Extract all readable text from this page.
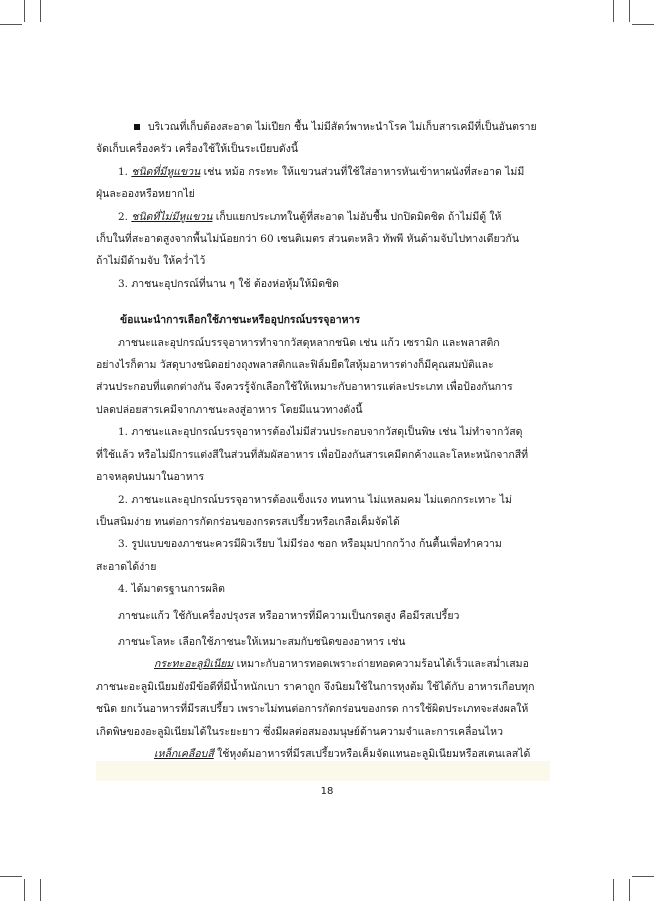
บริเวณที่เก็บต้องสะอาด ไม่เปียก ชื้น ไม่มีสัตว์พาหะนำโรค ไม่เก็บสารเคมีที่เป็นอันตราย
จัดเก็บเครื่องครัว เครื่องใช้ให้เป็นระเบียบดังนี้
1. ชนิดที่มีหูแขวน เช่น หม้อ กระทะ ให้แขวนส่วนที่ใช้ใส่อาหารหันเข้าหาผนังที่สะอาด ไม่มี
ฝุ่นละอองหรือหยากไย่
2. ชนิดที่ไม่มีหูแขวน เก็บแยกประเภทในตู้ที่สะอาด ไม่อับชื้น ปกปิดมิดชิด ถ้าไม่มีตู้ ให้
เก็บในที่สะอาดสูงจากพื้นไม่น้อยกว่า 60 เซนติเมตร ส่วนตะหลิว ทัพพี หันด้ามจับไปทางเดียวกัน
ถ้าไม่มีด้ามจับ ให้คว่ำไว้
3. ภาชนะอุปกรณ์ที่นาน ๆ ใช้ ต้องห่อหุ้มให้มิดชิด
ข้อแนะนำการเลือกใช้ภาชนะหรืออุปกรณ์บรรจุอาหาร
ภาชนะและอุปกรณ์บรรจุอาหารทำจากวัสดุหลากชนิด เช่น แก้ว เซรามิก และพลาสติก
อย่างไรก็ตาม วัสดุบางชนิดอย่างถุงพลาสติกและฟิล์มยืดใสหุ้มอาหารต่างก็มีคุณสมบัติและ
ส่วนประกอบที่แตกต่างกัน จึงควรรู้จักเลือกใช้ให้เหมาะกับอาหารแต่ละประเภท เพื่อป้องกันการ
ปลดปล่อยสารเคมีจากภาชนะลงสู่อาหาร โดยมีแนวทางดังนี้
1. ภาชนะและอุปกรณ์บรรจุอาหารต้องไม่มีส่วนประกอบจากวัสดุเป็นพิษ เช่น ไม่ทำจากวัสดุ
ที่ใช้แล้ว หรือไม่มีการแต่งสีในส่วนที่สัมผัสอาหาร เพื่อป้องกันสารเคมีตกค้างและโลหะหนักจากสีที่
อาจหลุดปนมาในอาหาร
2. ภาชนะและอุปกรณ์บรรจุอาหารต้องแข็งแรง ทนทาน ไม่แหลมคม ไม่แตกกระเทาะ ไม่
เป็นสนิมง่าย ทนต่อการกัดกร่อนของกรดรสเปรี้ยวหรือเกลือเค็มจัดได้
3. รูปแบบของภาชนะควรมีผิวเรียบ ไม่มีร่อง ซอก หรือมุมปากกว้าง ก้นตื้นเพื่อทำความ
สะอาดได้ง่าย
4. ได้มาตรฐานการผลิต
ภาชนะแก้ว ใช้กับเครื่องปรุงรส หรืออาหารที่มีความเป็นกรดสูง คือมีรสเปรี้ยว
ภาชนะโลหะ เลือกใช้ภาชนะให้เหมาะสมกับชนิดของอาหาร เช่น
กระทะอะลูมิเนียม เหมาะกับอาหารทอดเพราะถ่ายทอดความร้อนได้เร็วและสม่ำเสมอ
ภาชนะอะลูมิเนียมยังมีข้อดีที่มีน้ำหนักเบา ราคาถูก จึงนิยมใช้ในการหุงต้ม ใช้ได้กับ อาหารเกือบทุก
ชนิด ยกเว้นอาหารที่มีรสเปรี้ยว เพราะไม่ทนต่อการกัดกร่อนของกรด การใช้ผิดประเภทจะส่งผลให้
เกิดพิษของอะลูมิเนียมได้ในระยะยาว ซึ่งมีผลต่อสมองมนุษย์ด้านความจำและการเคลื่อนไหว
เหล็กเคลือบสี ใช้หุงต้มอาหารที่มีรสเปรี้ยวหรือเค็มจัดแทนอะลูมิเนียมหรือสเตนเลสได้
18
